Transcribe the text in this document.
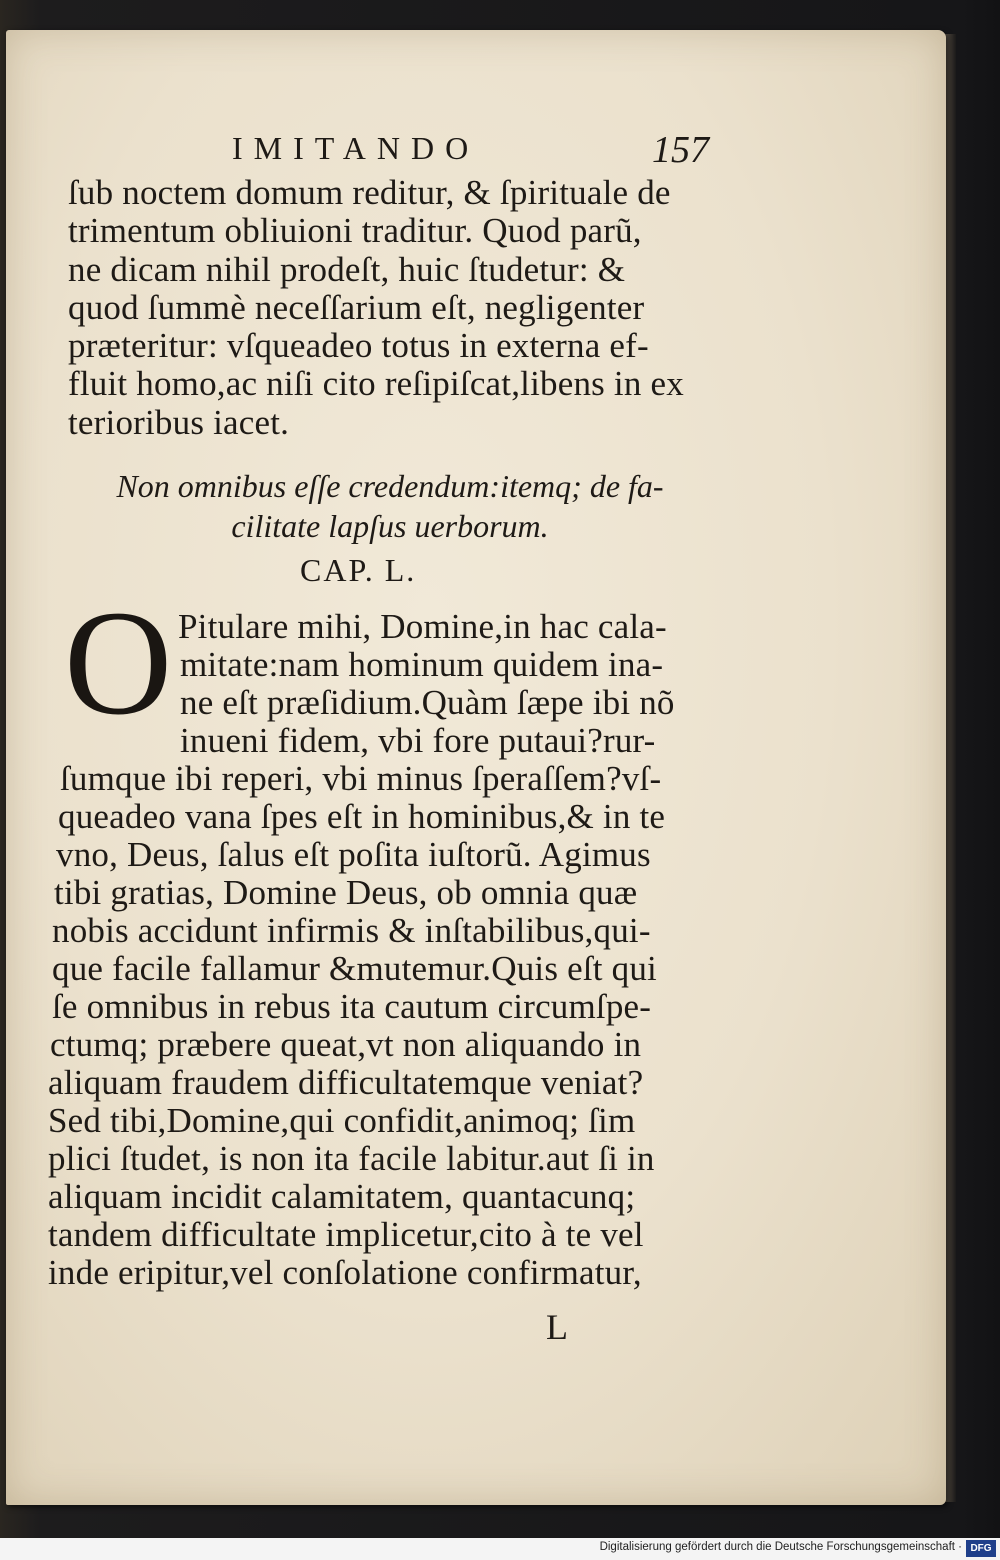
IMITANDO	157
ſub noctem domum reditur, & ſpirituale de
trimentum obliuioni traditur. Quod parũ,
ne dicam nihil prodeſt, huic ſtudetur: &
quod ſummè neceſſarium eſt, negligenter
præteritur: vſqueadeo totus in externa ef-
fluit homo,ac niſi cito reſipiſcat,libens in ex
terioribus iacet.
Non omnibus eſſe credendum:itemq; de fa-
cilitate lapſus uerborum.
CAP. L.
O Pitulare mihi, Domine,in hac cala-
mitate:nam hominum quidem ina-
ne eſt præſidium.Quàm ſæpe ibi nõ
inueni fidem, vbi fore putaui?rur-
ſumque ibi reperi, vbi minus ſperaſſem?vſ-
queadeo vana ſpes eſt in hominibus,& in te
vno, Deus, ſalus eſt poſita iuſtorũ. Agimus
tibi gratias, Domine Deus, ob omnia quæ
nobis accidunt infirmis & inſtabilibus,qui-
que facile fallamur &mutemur.Quis eſt qui
ſe omnibus in rebus ita cautum circumſpe-
ctumq; præbere queat,vt non aliquando in
aliquam fraudem difficultatemque veniat?
Sed tibi,Domine,qui confidit,animoq; ſim
plici ſtudet, is non ita facile labitur.aut ſi in
aliquam incidit calamitatem, quantacunq;
tandem difficultate implicetur,cito à te vel
inde eripitur,vel conſolatione confirmatur,
L
Digitalisierung gefördert durch die Deutsche Forschungsgemeinschaft · DFG
